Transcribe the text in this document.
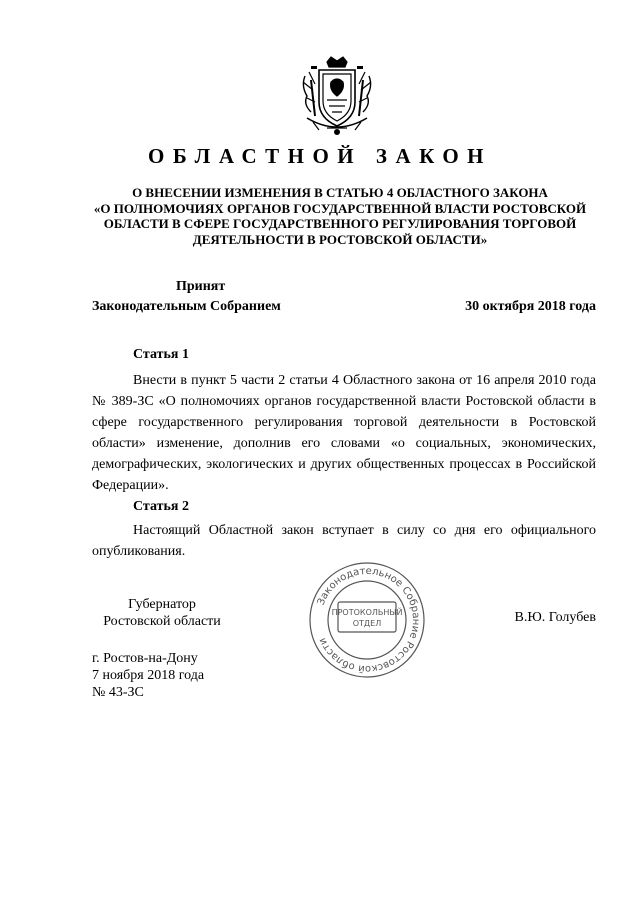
ОБЛАСТНОЙ ЗАКОН
О ВНЕСЕНИИ ИЗМЕНЕНИЯ В СТАТЬЮ 4 ОБЛАСТНОГО ЗАКОНА
«О ПОЛНОМОЧИЯХ ОРГАНОВ ГОСУДАРСТВЕННОЙ ВЛАСТИ РОСТОВСКОЙ
ОБЛАСТИ В СФЕРЕ ГОСУДАРСТВЕННОГО РЕГУЛИРОВАНИЯ ТОРГОВОЙ
ДЕЯТЕЛЬНОСТИ В РОСТОВСКОЙ ОБЛАСТИ»
Принят
Законодательным Собранием	30 октября 2018 года
Статья 1

Внести в пункт 5 части 2 статьи 4 Областного закона от 16 апреля 2010 года № 389-ЗС «О полномочиях органов государственной власти Ростовской области в сфере государственного регулирования торговой деятельности в Ростовской области» изменение, дополнив его словами «о социальных, экономических, демографических, экологических и других общественных процессах в Российской Федерации».

Статья 2

Настоящий Областной закон вступает в силу со дня его официального опубликования.

Губернатор
Ростовской области
Законодательное Собрание Ростовской области
ПРОТОКОЛЬНЫЙ
ОТДЕЛ	В.Ю. Голубев
г. Ростов-на-Дону
7 ноября 2018 года
№ 43-ЗС
